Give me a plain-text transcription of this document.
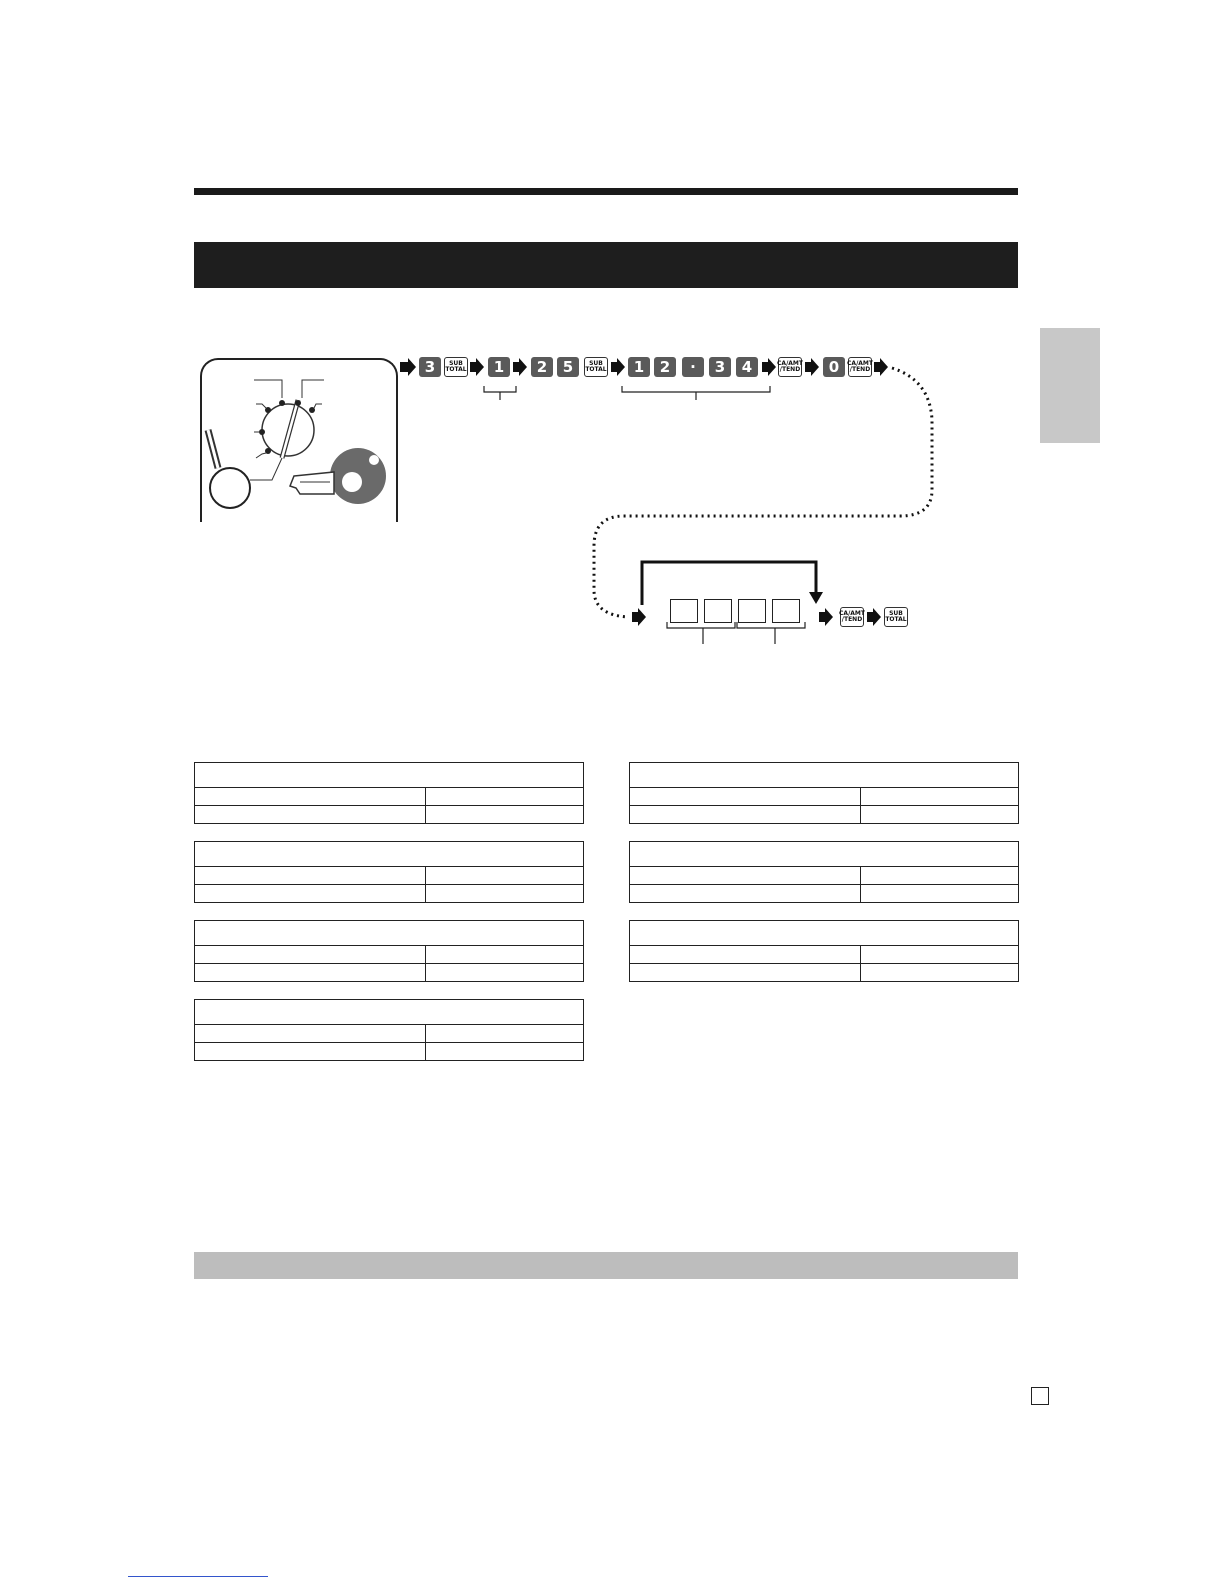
3	SUB
TOTAL	1	2	5	SUB
TOTAL	1	2	·	3	4	CA/AMT
/TEND	0	CA/AMT
/TEND
CA/AMT
/TEND
SUB
TOTAL
